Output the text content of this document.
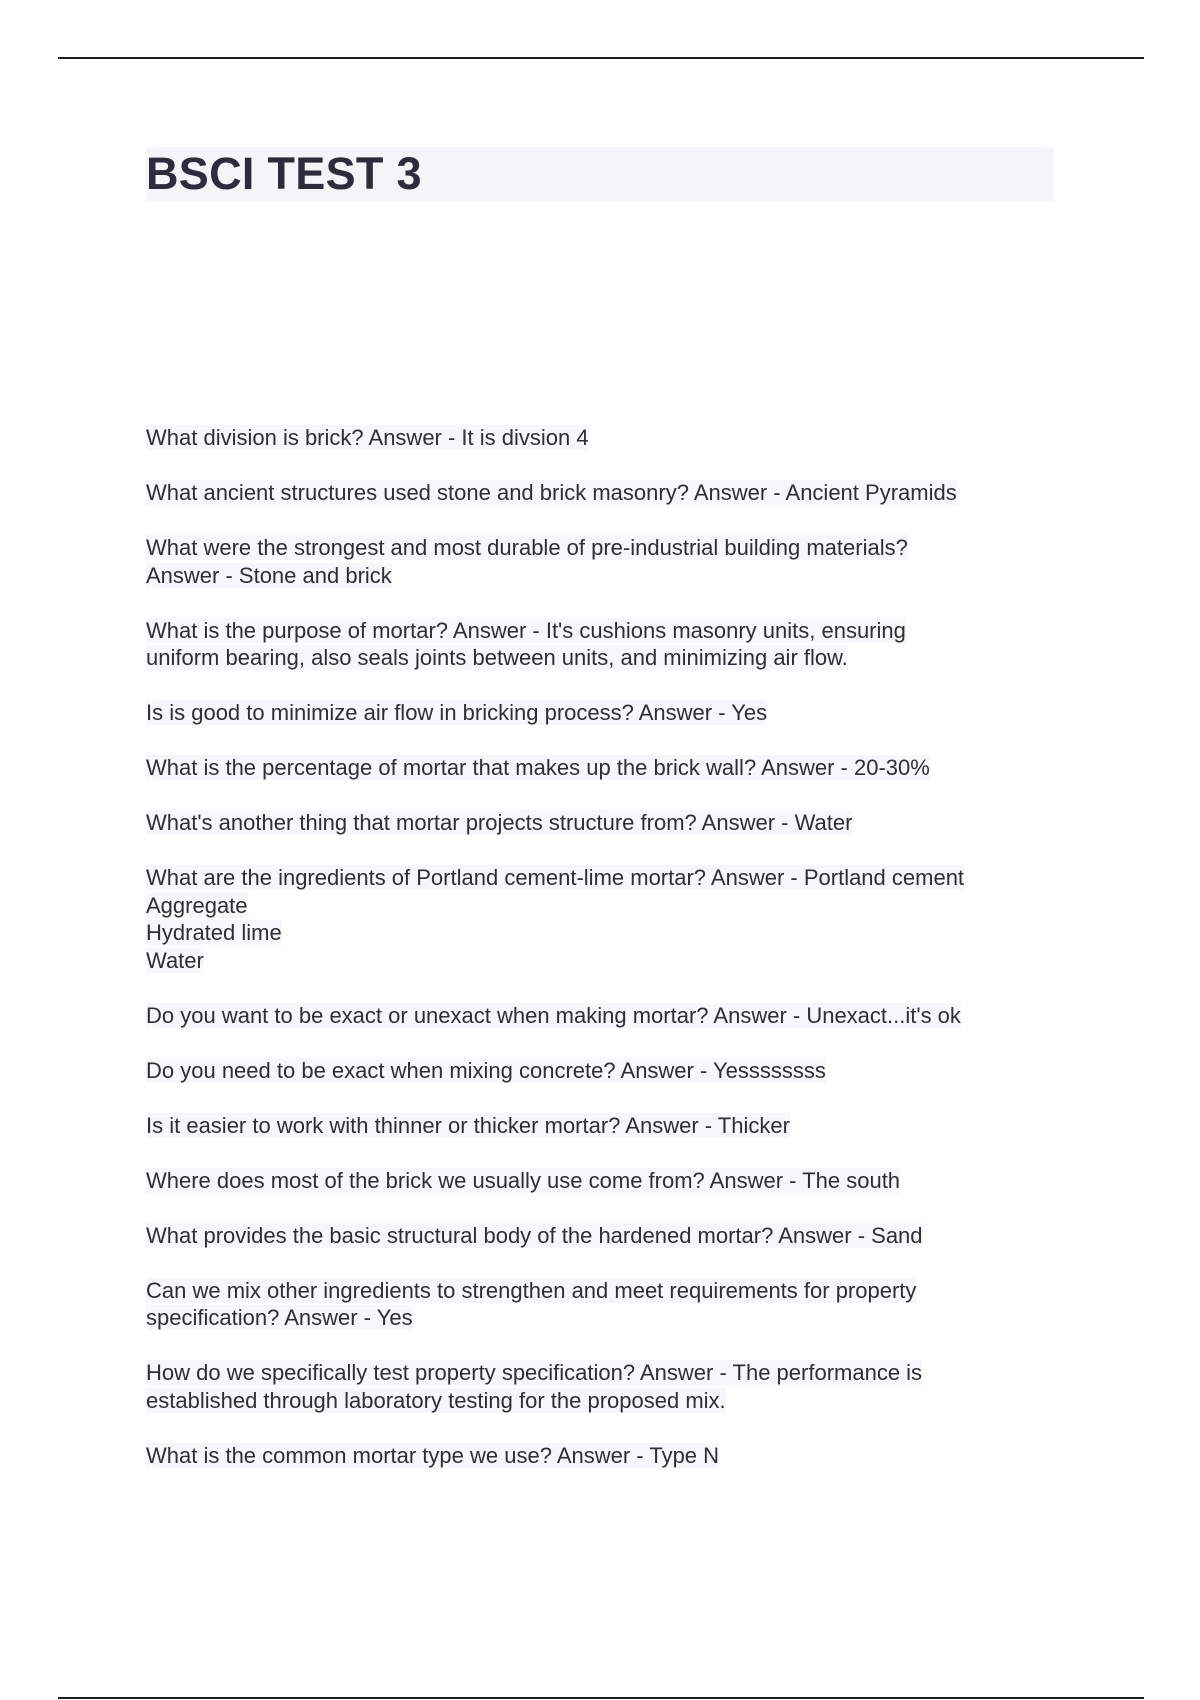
BSCI TEST 3
What division is brick? Answer - It is divsion 4
What ancient structures used stone and brick masonry? Answer - Ancient Pyramids
What were the strongest and most durable of pre-industrial building materials?
Answer - Stone and brick
What is the purpose of mortar? Answer - It's cushions masonry units, ensuring
uniform bearing, also seals joints between units, and minimizing air flow.
Is is good to minimize air flow in bricking process? Answer - Yes
What is the percentage of mortar that makes up the brick wall? Answer - 20-30%
What's another thing that mortar projects structure from? Answer - Water
What are the ingredients of Portland cement-lime mortar? Answer - Portland cement
Aggregate
Hydrated lime
Water
Do you want to be exact or unexact when making mortar? Answer - Unexact...it's ok
Do you need to be exact when mixing concrete? Answer - Yessssssss
Is it easier to work with thinner or thicker mortar? Answer - Thicker
Where does most of the brick we usually use come from? Answer - The south
What provides the basic structural body of the hardened mortar? Answer - Sand
Can we mix other ingredients to strengthen and meet requirements for property
specification? Answer - Yes
How do we specifically test property specification? Answer - The performance is
established through laboratory testing for the proposed mix.
What is the common mortar type we use? Answer - Type N
